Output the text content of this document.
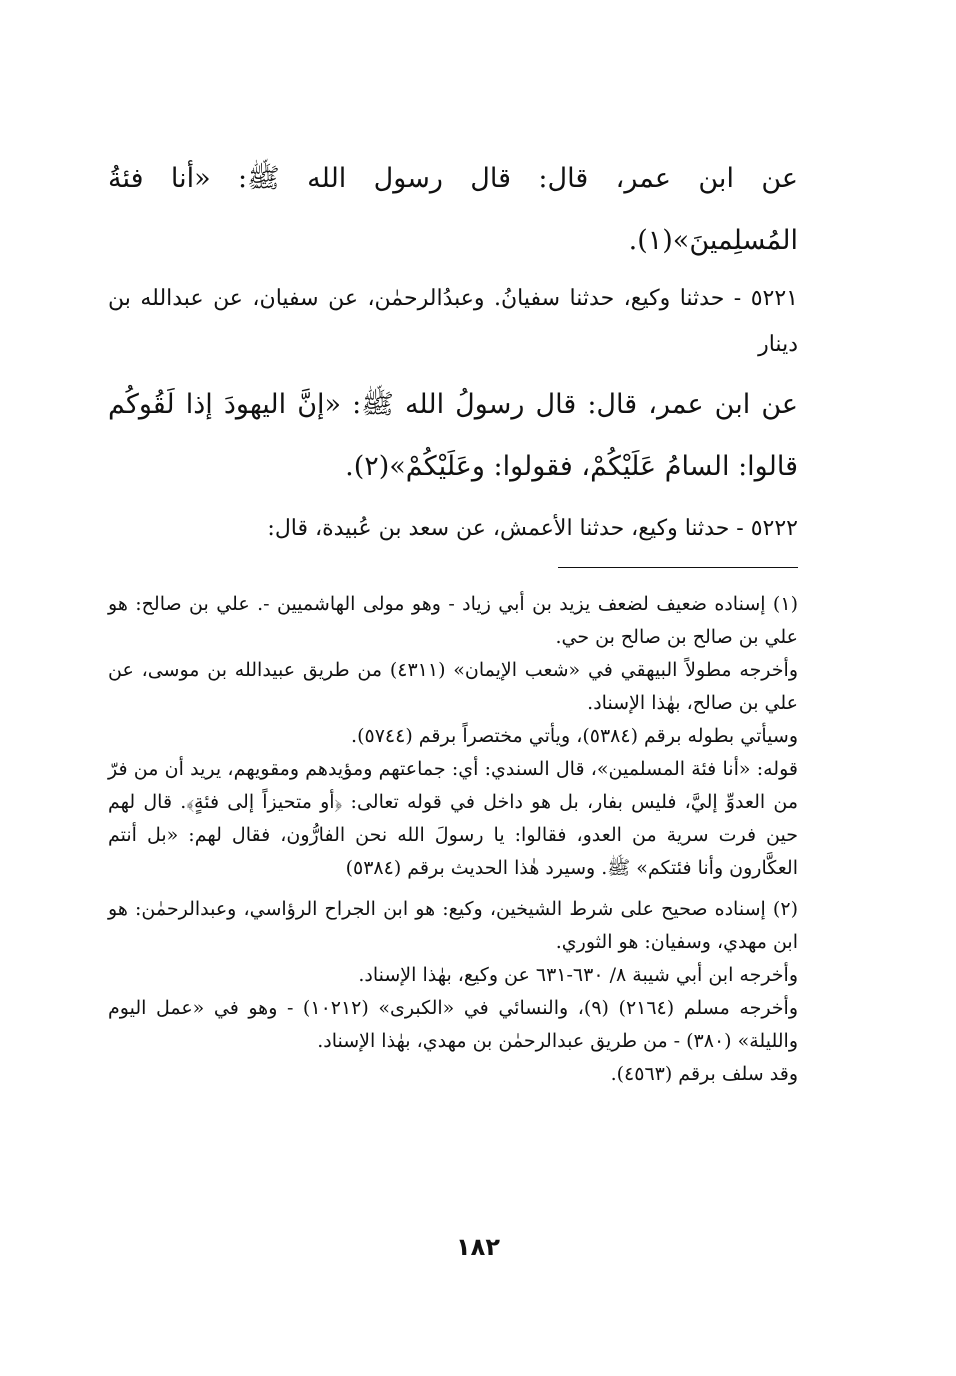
عن ابن عمر، قال: قال رسول الله ﷺ: «أنا فئةُ المُسلِمينَ»(١).

٥٢٢١ - حدثنا وكيع، حدثنا سفيانُ. وعبدُالرحمٰن، عن سفيان، عن عبدالله بن دينار

عن ابن عمر، قال: قال رسولُ الله ﷺ: «إنَّ اليهودَ إذا لَقُوكُم قالوا: السامُ عَلَيْكُمْ، فقولوا: وعَلَيْكُمْ»(٢).

٥٢٢٢ - حدثنا وكيع، حدثنا الأعمش، عن سعد بن عُبيدة، قال:

(١) إسناده ضعيف لضعف يزيد بن أبي زياد - وهو مولى الهاشميين -. علي بن صالح: هو علي بن صالح بن صالح بن حي.

وأخرجه مطولاً البيهقي في «شعب الإيمان» (٤٣١١) من طريق عبيدالله بن موسى، عن علي بن صالح، بهٰذا الإسناد.

وسيأتي بطوله برقم (٥٣٨٤)، ويأتي مختصراً برقم (٥٧٤٤).

قوله: «أنا فئة المسلمين»، قال السندي: أي: جماعتهم ومؤيدهم ومقويهم، يريد أن من فرّ من العدوِّ إليَّ، فليس بفار، بل هو داخل في قوله تعالى: ﴿أو متحيزاً إلى فئةٍ﴾. قال لهم حين فرت سرية من العدو، فقالوا: يا رسولَ الله نحن الفارُّون، فقال لهم: «بل أنتم العكَّارون وأنا فئتكم» ﷺ. وسيرد هٰذا الحديث برقم (٥٣٨٤)

(٢) إسناده صحيح على شرط الشيخين، وكيع: هو ابن الجراح الرؤاسي، وعبدالرحمٰن: هو ابن مهدي، وسفيان: هو الثوري.

وأخرجه ابن أبي شيبة ٨/ ٦٣٠-٦٣١ عن وكيع، بهٰذا الإسناد.

وأخرجه مسلم (٢١٦٤) (٩)، والنسائي في «الكبرى» (١٠٢١٢) - وهو في «عمل اليوم والليلة» (٣٨٠) - من طريق عبدالرحمٰن بن مهدي، بهٰذا الإسناد.

وقد سلف برقم (٤٥٦٣).

١٨٢
